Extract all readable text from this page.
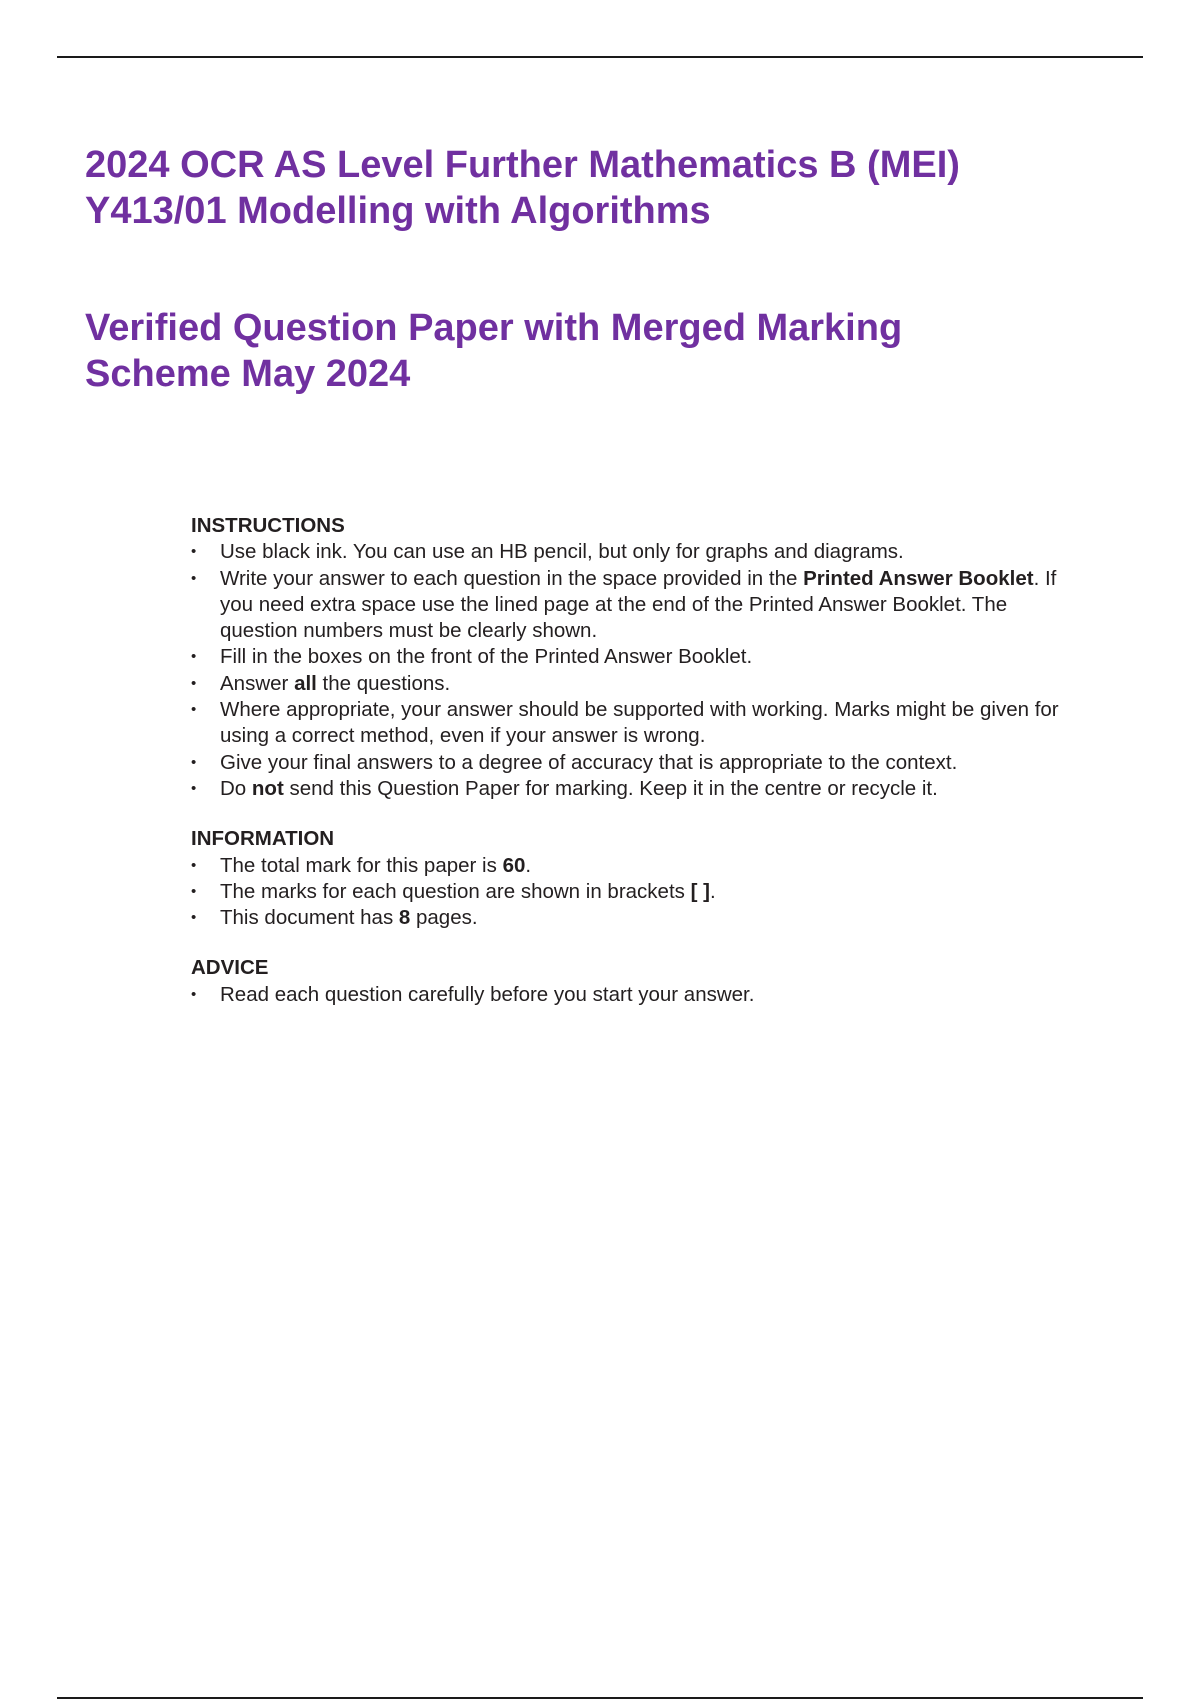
2024 OCR AS Level Further Mathematics B (MEI)
Y413/01 Modelling with Algorithms
Verified Question Paper with Merged Marking
Scheme May 2024

INSTRUCTIONS

• Use black ink. You can use an HB pencil, but only for graphs and diagrams.
• Write your answer to each question in the space provided in the Printed Answer Booklet. If you need extra space use the lined page at the end of the Printed Answer Booklet. The question numbers must be clearly shown.
• Fill in the boxes on the front of the Printed Answer Booklet.
• Answer all the questions.
• Where appropriate, your answer should be supported with working. Marks might be given for using a correct method, even if your answer is wrong.
• Give your final answers to a degree of accuracy that is appropriate to the context.
• Do not send this Question Paper for marking. Keep it in the centre or recycle it.

INFORMATION

• The total mark for this paper is 60.
• The marks for each question are shown in brackets [ ].
• This document has 8 pages.

ADVICE

• Read each question carefully before you start your answer.
